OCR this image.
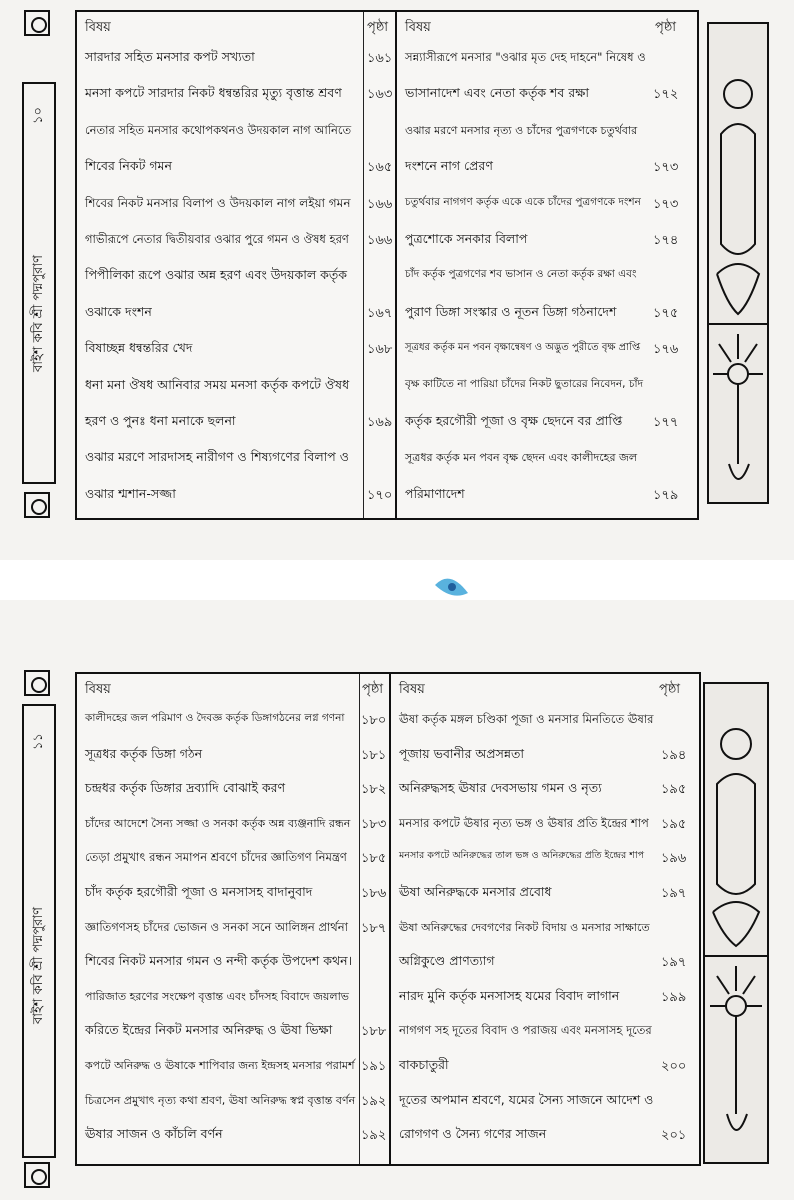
১০
বাইশ কবি শ্রী পদ্মপুরাণ
বিষয়	পৃষ্ঠা
সারদার সহিত মনসার কপট সখ্যতা	১৬১
মনসা কপটে সারদার নিকট ধন্বন্তরির মৃত্যু বৃত্তান্ত শ্রবণ ১৬৩
নেতার সহিত মনসার কথোপকথনও উদয়কাল নাগ আনিতে
শিবের নিকট গমন	১৬৫
শিবের নিকট মনসার বিলাপ ও উদয়কাল নাগ লইয়া গমন ১৬৬
গাভীরূপে নেতার দ্বিতীয়বার ওঝার পুরে গমন ও ঔষধ হরণ ১৬৬
পিপীলিকা রূপে ওঝার অন্ন হরণ এবং উদয়কাল কর্তৃক
ওঝাকে দংশন	১৬৭
বিষাচ্ছন্ন ধন্বন্তরির খেদ	১৬৮
ধনা মনা ঔষধ আনিবার সময় মনসা কর্তৃক কপটে ঔষধ
হরণ ও পুনঃ ধনা মনাকে ছলনা	১৬৯
ওঝার মরণে সারদাসহ নারীগণ ও শিষ্যগণের বিলাপ ও
ওঝার শ্মশান-সজ্জা	১৭০
বিষয়	পৃষ্ঠা
সন্ন্যাসীরূপে মনসার "ওঝার মৃত দেহ দাহনে" নিষেধ ও
ভাসানাদেশ এবং নেতা কর্তৃক শব রক্ষা	১৭২
ওঝার মরণে মনসার নৃত্য ও চাঁদের পুত্রগণকে চতুর্থবার
দংশনে নাগ প্রেরণ	১৭৩
চতুর্থবার নাগগণ কর্তৃক একে একে চাঁদের পুত্রগণকে দংশন ১৭৩
পুত্রশোকে সনকার বিলাপ	১৭৪
চাঁদ কর্তৃক পুত্রগণের শব ভাসান ও নেতা কর্তৃক রক্ষা এবং
পুরাণ ডিঙ্গা সংস্কার ও নূতন ডিঙ্গা গঠনাদেশ	১৭৫
সূত্রধর কর্তৃক মন পবন বৃক্ষান্বেষণ ও অদ্ভুত পুরীতে বৃক্ষ প্রাপ্তি ১৭৬
বৃক্ষ কাটিতে না পারিয়া চাঁদের নিকট ছুতারের নিবেদন, চাঁদ
কর্তৃক হরগৌরী পূজা ও বৃক্ষ ছেদনে বর প্রাপ্তি ১৭৭
সূত্রধর কর্তৃক মন পবন বৃক্ষ ছেদন এবং কালীদহের জল
পরিমাণাদেশ	১৭৯
১১
বাইশ কবি শ্রী পদ্মপুরাণ
বিষয়	পৃষ্ঠা
কালীদহের জল পরিমাণ ও দৈবজ্ঞ কর্তৃক ডিঙ্গাগঠনের লগ্ন গণনা ১৮০
সূত্রধর কর্তৃক ডিঙ্গা গঠন	১৮১
চন্দ্রধর কর্তৃক ডিঙ্গার দ্রব্যাদি বোঝাই করণ	১৮২
চাঁদের আদেশে সৈন্য সজ্জা ও সনকা কর্তৃক অন্ন ব্যঞ্জনাদি রন্ধন ১৮৩
তেড়া প্রমুখাৎ রন্ধন সমাপন শ্রবণে চাঁদের জ্ঞাতিগণ নিমন্ত্রণ ১৮৫
চাঁদ কর্তৃক হরগৌরী পূজা ও মনসাসহ বাদানুবাদ	১৮৬
জ্ঞাতিগণসহ চাঁদের ভোজন ও সনকা সনে আলিঙ্গন প্রার্থনা ১৮৭
শিবের নিকট মনসার গমন ও নন্দী কর্তৃক উপদেশ কথন।
পারিজাত হরণের সংক্ষেপ বৃত্তান্ত এবং চাঁদসহ বিবাদে জয়লাভ
করিতে ইন্দ্রের নিকট মনসার অনিরুদ্ধ ও ঊষা ভিক্ষা ১৮৮
কপটে অনিরুদ্ধ ও ঊষাকে শাপিবার জন্য ইন্দ্রসহ মনসার পরামর্শ ১৯১
চিত্রসেন প্রমুখাৎ নৃত্য কথা শ্রবণ, ঊষা অনিরুদ্ধ স্বপ্ন বৃত্তান্ত বর্ণন ১৯২
ঊষার সাজন ও কাঁচলি বর্ণন	১৯২
বিষয়	পৃষ্ঠা
ঊষা কর্তৃক মঙ্গল চণ্ডিকা পূজা ও মনসার মিনতিতে ঊষার
পূজায় ভবানীর অপ্রসন্নতা	১৯৪
অনিরুদ্ধসহ ঊষার দেবসভায় গমন ও নৃত্য	১৯৫
মনসার কপটে ঊষার নৃত্য ভঙ্গ ও ঊষার প্রতি ইন্দ্রের শাপ ১৯৫
মনসার কপটে অনিরুদ্ধের তাল ভঙ্গ ও অনিরুদ্ধের প্রতি ইন্দ্রের শাপ ১৯৬
ঊষা অনিরুদ্ধকে মনসার প্রবোধ	১৯৭
ঊষা অনিরুদ্ধের দেবগণের নিকট বিদায় ও মনসার সাক্ষাতে
অগ্নিকুণ্ডে প্রাণত্যাগ	১৯৭
নারদ মুনি কর্তৃক মনসাসহ যমের বিবাদ লাগান	১৯৯
নাগগণ সহ দূতের বিবাদ ও পরাজয় এবং মনসাসহ দূতের
বাকচাতুরী	২০০
দূতের অপমান শ্রবণে, যমের সৈন্য সাজনে আদেশ ও
রোগগণ ও সৈন্য গণের সাজন	২০১
